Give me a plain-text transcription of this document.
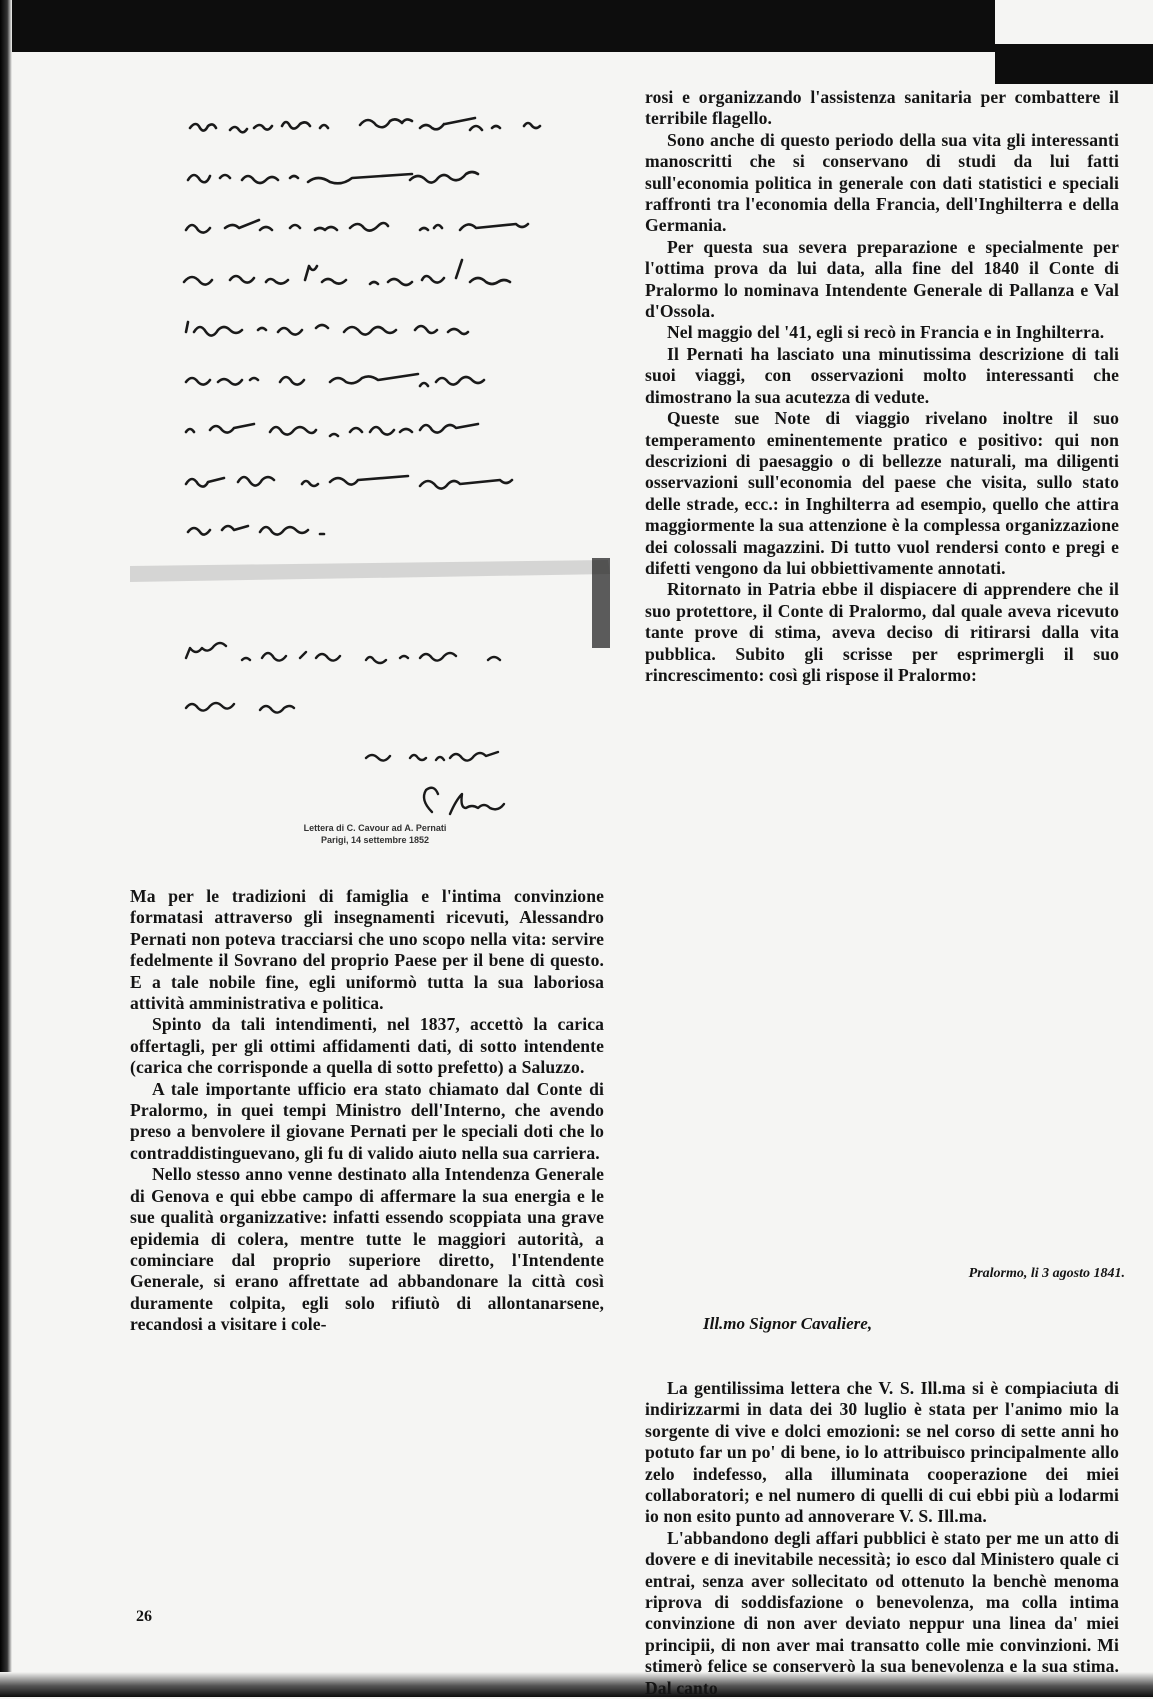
Lettera di C. Cavour ad A. Pernati
Parigi, 14 settembre 1852

Ma per le tradizioni di famiglia e l'intima convinzione formatasi attraverso gli insegnamenti ricevuti, Alessandro Pernati non poteva tracciarsi che uno scopo nella vita: servire fedelmente il Sovrano del proprio Paese per il bene di questo. E a tale nobile fine, egli uniformò tutta la sua laboriosa attività amministrativa e politica.

Spinto da tali intendimenti, nel 1837, accettò la carica offertagli, per gli ottimi affidamenti dati, di sotto intendente (carica che corrisponde a quella di sotto prefetto) a Saluzzo.

A tale importante ufficio era stato chiamato dal Conte di Pralormo, in quei tempi Ministro dell'Interno, che avendo preso a benvolere il giovane Pernati per le speciali doti che lo contraddistinguevano, gli fu di valido aiuto nella sua carriera.

Nello stesso anno venne destinato alla Intendenza Generale di Genova e qui ebbe campo di affermare la sua energia e le sue qualità organizzative: infatti essendo scoppiata una grave epidemia di colera, mentre tutte le maggiori autorità, a cominciare dal proprio superiore diretto, l'Intendente Generale, si erano affrettate ad abbandonare la città così duramente colpita, egli solo rifiutò di allontanarsene, recandosi a visitare i cole-

rosi e organizzando l'assistenza sanitaria per combattere il terribile flagello.

Sono anche di questo periodo della sua vita gli interessanti manoscritti che si conservano di studi da lui fatti sull'economia politica in generale con dati statistici e speciali raffronti tra l'economia della Francia, dell'Inghilterra e della Germania.

Per questa sua severa preparazione e specialmente per l'ottima prova da lui data, alla fine del 1840 il Conte di Pralormo lo nominava Intendente Generale di Pallanza e Val d'Ossola.

Nel maggio del '41, egli si recò in Francia e in Inghilterra.

Il Pernati ha lasciato una minutissima descrizione di tali suoi viaggi, con osservazioni molto interessanti che dimostrano la sua acutezza di vedute.

Queste sue Note di viaggio rivelano inoltre il suo temperamento eminentemente pratico e positivo: qui non descrizioni di paesaggio o di bellezze naturali, ma diligenti osservazioni sull'economia del paese che visita, sullo stato delle strade, ecc.: in Inghilterra ad esempio, quello che attira maggiormente la sua attenzione è la complessa organizzazione dei colossali magazzini. Di tutto vuol rendersi conto e pregi e difetti vengono da lui obbiettivamente annotati.

Ritornato in Patria ebbe il dispiacere di apprendere che il suo protettore, il Conte di Pralormo, dal quale aveva ricevuto tante prove di stima, aveva deciso di ritirarsi dalla vita pubblica. Subito gli scrisse per esprimergli il suo rincrescimento: così gli rispose il Pralormo:

Pralormo, li 3 agosto 1841.
Ill.mo Signor Cavaliere,

La gentilissima lettera che V. S. Ill.ma si è compiaciuta di indirizzarmi in data dei 30 luglio è stata per l'animo mio la sorgente di vive e dolci emozioni: se nel corso di sette anni ho potuto far un po' di bene, io lo attribuisco principalmente allo zelo indefesso, alla illuminata cooperazione dei miei collaboratori; e nel numero di quelli di cui ebbi più a lodarmi io non esito punto ad annoverare V. S. Ill.ma.

L'abbandono degli affari pubblici è stato per me un atto di dovere e di inevitabile necessità; io esco dal Ministero quale ci entrai, senza aver sollecitato od ottenuto la benchè menoma riprova di soddisfazione o benevolenza, ma colla intima convinzione di non aver deviato neppur una linea da' miei principii, di non aver mai transatto colle mie convinzioni. Mi stimerò felice se conserverò la sua benevolenza e la sua stima. Dal canto

26
